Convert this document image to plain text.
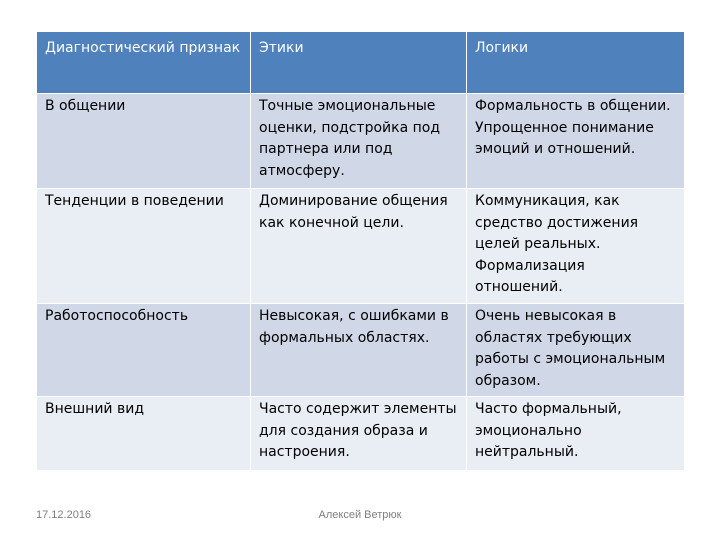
Диагностический признак	Этики	Логики
В общении	Точные эмоциональные оценки, подстройка под партнера или под атмосферу.	Формальность в общении. Упрощенное понимание эмоций и отношений.
Тенденции в поведении	Доминирование общения как конечной цели.	Коммуникация, как средство достижения целей реальных. Формализация отношений.
Работоспособность	Невысокая, с ошибками в формальных областях.	Очень невысокая в областях требующих работы с эмоциональным образом.
Внешний вид	Часто содержит элементы для создания образа и настроения.	Часто формальный, эмоционально нейтральный.
17.12.2016	Алексей Ветрюк
